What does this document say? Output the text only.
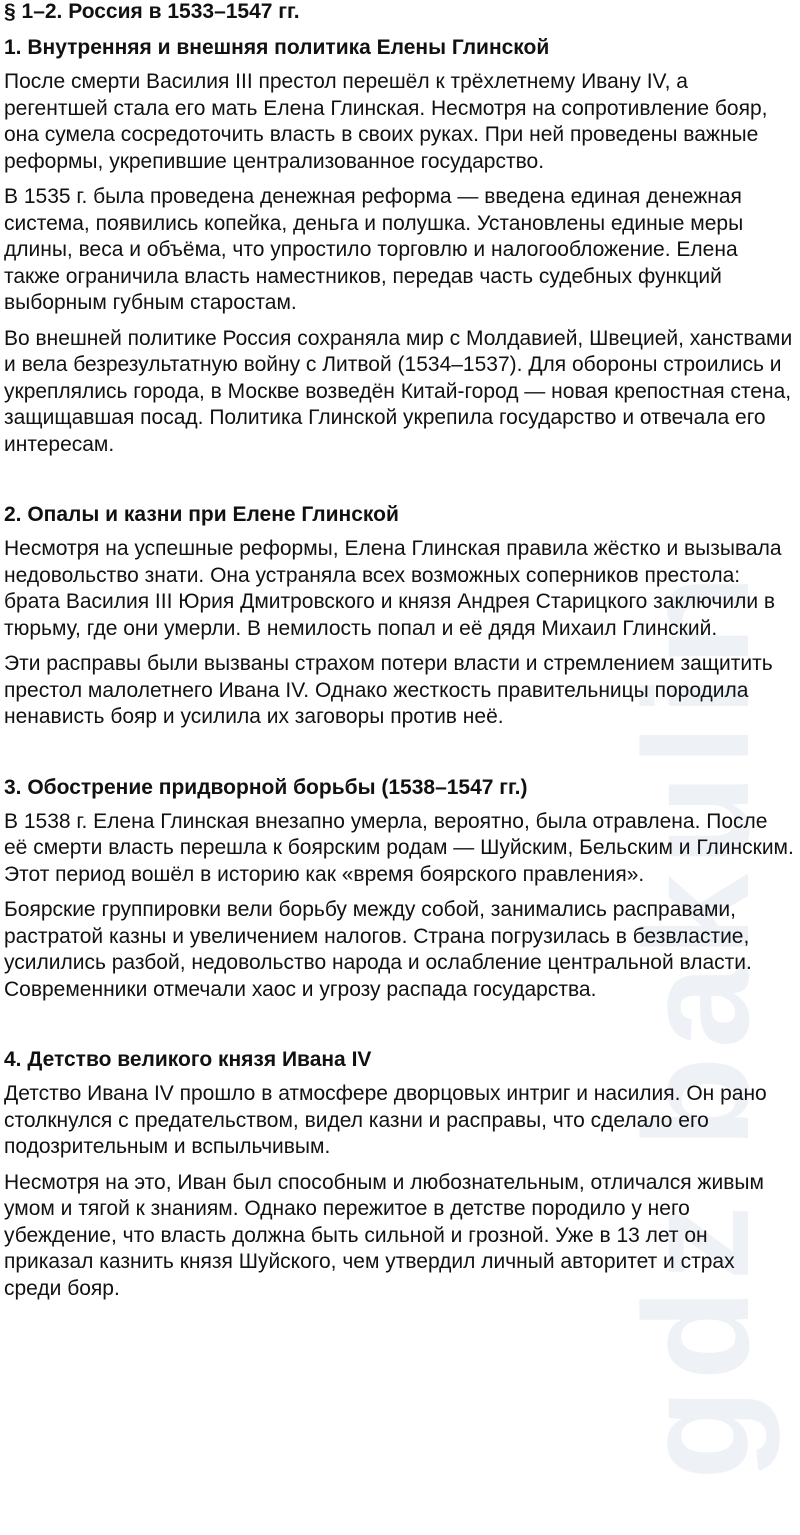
gdz bakulin
§ 1–2. Россия в 1533–1547 гг.
1. Внутренняя и внешняя политика Елены Глинской

После смерти Василия III престол перешёл к трёхлетнему Ивану IV, а регентшей стала его мать Елена Глинская. Несмотря на сопротивление бояр, она сумела сосредоточить власть в своих руках. При ней проведены важные реформы, укрепившие централизованное государство.

В 1535 г. была проведена денежная реформа — введена единая денежная система, появились копейка, деньга и полушка. Установлены единые меры длины, веса и объёма, что упростило торговлю и налогообложение. Елена также ограничила власть наместников, передав часть судебных функций выборным губным старостам.

Во внешней политике Россия сохраняла мир с Молдавией, Швецией, ханствами и вела безрезультатную войну с Литвой (1534–1537). Для обороны строились и укреплялись города, в Москве возведён Китай-город — новая крепостная стена, защищавшая посад. Политика Глинской укрепила государство и отвечала его интересам.

2. Опалы и казни при Елене Глинской

Несмотря на успешные реформы, Елена Глинская правила жёстко и вызывала недовольство знати. Она устраняла всех возможных соперников престола: брата Василия III Юрия Дмитровского и князя Андрея Старицкого заключили в тюрьму, где они умерли. В немилость попал и её дядя Михаил Глинский.

Эти расправы были вызваны страхом потери власти и стремлением защитить престол малолетнего Ивана IV. Однако жесткость правительницы породила ненависть бояр и усилила их заговоры против неё.

3. Обострение придворной борьбы (1538–1547 гг.)

В 1538 г. Елена Глинская внезапно умерла, вероятно, была отравлена. После её смерти власть перешла к боярским родам — Шуйским, Бельским и Глинским. Этот период вошёл в историю как «время боярского правления».

Боярские группировки вели борьбу между собой, занимались расправами, растратой казны и увеличением налогов. Страна погрузилась в безвластие, усилились разбой, недовольство народа и ослабление центральной власти. Современники отмечали хаос и угрозу распада государства.

4. Детство великого князя Ивана IV

Детство Ивана IV прошло в атмосфере дворцовых интриг и насилия. Он рано столкнулся с предательством, видел казни и расправы, что сделало его подозрительным и вспыльчивым.

Несмотря на это, Иван был способным и любознательным, отличался живым умом и тягой к знаниям. Однако пережитое в детстве породило у него убеждение, что власть должна быть сильной и грозной. Уже в 13 лет он приказал казнить князя Шуйского, чем утвердил личный авторитет и страх среди бояр.
